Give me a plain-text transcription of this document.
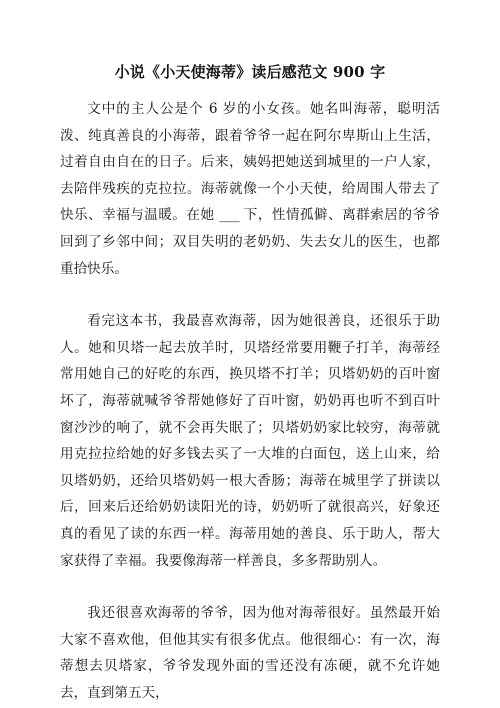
小说《小天使海蒂》读后感范文 900 字

文中的主人公是个 6 岁的小女孩。她名叫海蒂，聪明活泼、纯真善良的小海蒂，跟着爷爷一起在阿尔卑斯山上生活，过着自由自在的日子。后来，姨妈把她送到城里的一户人家，去陪伴残疾的克拉拉。海蒂就像一个小天使，给周围人带去了快乐、幸福与温暖。在她 ___ 下，性情孤僻、离群索居的爷爷回到了乡邻中间；双目失明的老奶奶、失去女儿的医生，也都重拾快乐。

看完这本书，我最喜欢海蒂，因为她很善良，还很乐于助人。她和贝塔一起去放羊时，贝塔经常要用鞭子打羊，海蒂经常用她自己的好吃的东西，换贝塔不打羊；贝塔奶奶的百叶窗坏了，海蒂就喊爷爷帮她修好了百叶窗，奶奶再也听不到百叶窗沙沙的响了，就不会再失眠了；贝塔奶奶家比较穷，海蒂就用克拉拉给她的好多钱去买了一大堆的白面包，送上山来，给贝塔奶奶，还给贝塔奶妈一根大香肠；海蒂在城里学了拼读以后，回来后还给奶奶读阳光的诗，奶奶听了就很高兴，好象还真的看见了读的东西一样。海蒂用她的善良、乐于助人，帮大家获得了幸福。我要像海蒂一样善良，多多帮助别人。

我还很喜欢海蒂的爷爷，因为他对海蒂很好。虽然最开始大家不喜欢他，但他其实有很多优点。他很细心：有一次，海蒂想去贝塔家，爷爷发现外面的雪还没有冻硬，就不允许她去，直到第五天，
